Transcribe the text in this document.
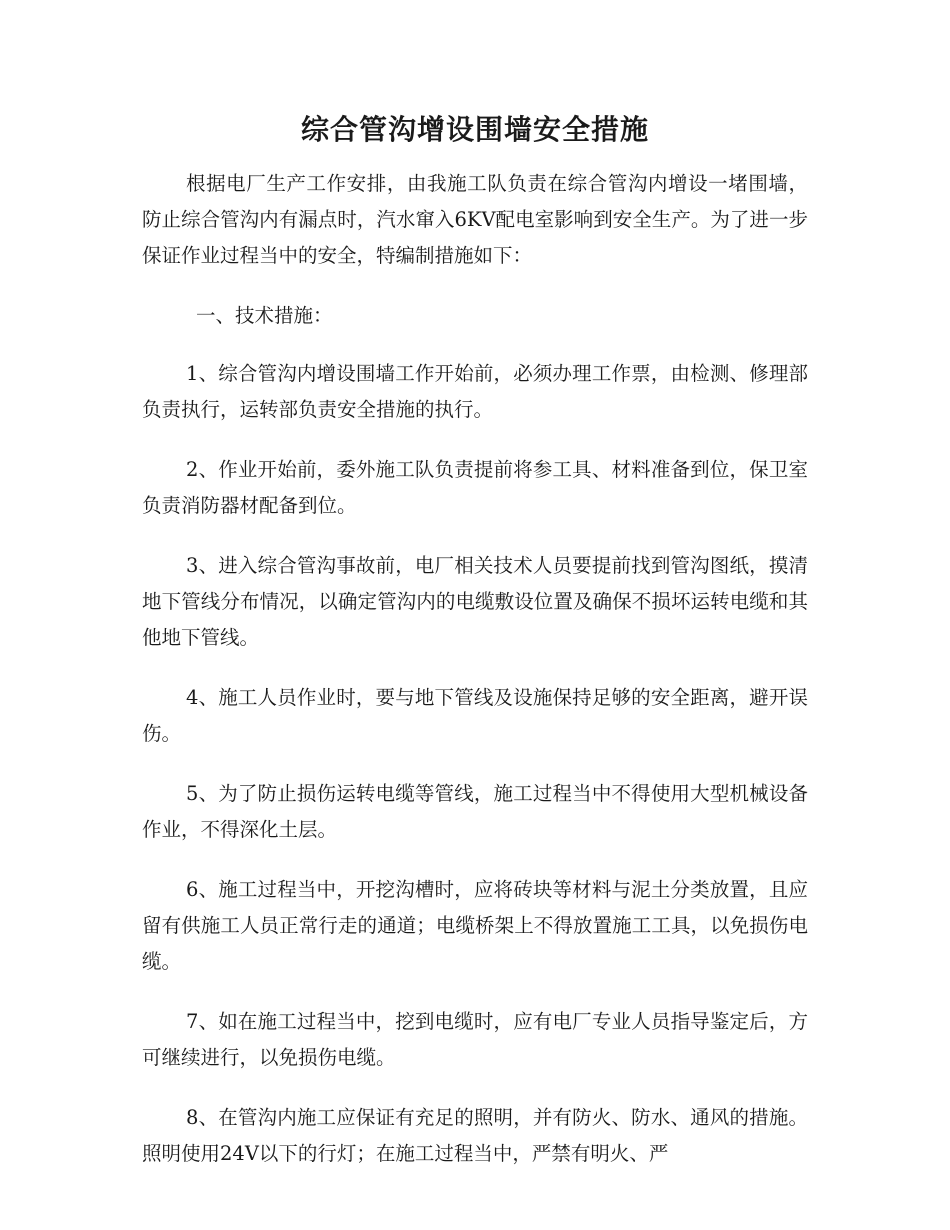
综合管沟增设围墙安全措施

根据电厂生产工作安排，由我施工队负责在综合管沟内增设一堵围墙，防止综合管沟内有漏点时，汽水窜入6KV配电室影响到安全生产。为了进一步保证作业过程当中的安全，特编制措施如下：

一、技术措施：

1、综合管沟内增设围墙工作开始前，必须办理工作票，由检测、修理部负责执行，运转部负责安全措施的执行。

2、作业开始前，委外施工队负责提前将参工具、材料准备到位，保卫室负责消防器材配备到位。

3、进入综合管沟事故前，电厂相关技术人员要提前找到管沟图纸，摸清地下管线分布情况，以确定管沟内的电缆敷设位置及确保不损坏运转电缆和其他地下管线。

4、施工人员作业时，要与地下管线及设施保持足够的安全距离，避开误伤。

5、为了防止损伤运转电缆等管线，施工过程当中不得使用大型机械设备作业，不得深化土层。

6、施工过程当中，开挖沟槽时，应将砖块等材料与泥土分类放置，且应留有供施工人员正常行走的通道；电缆桥架上不得放置施工工具，以免损伤电缆。

7、如在施工过程当中，挖到电缆时，应有电厂专业人员指导鉴定后，方可继续进行，以免损伤电缆。

8、在管沟内施工应保证有充足的照明，并有防火、防水、通风的措施。照明使用24V以下的行灯；在施工过程当中，严禁有明火、严
